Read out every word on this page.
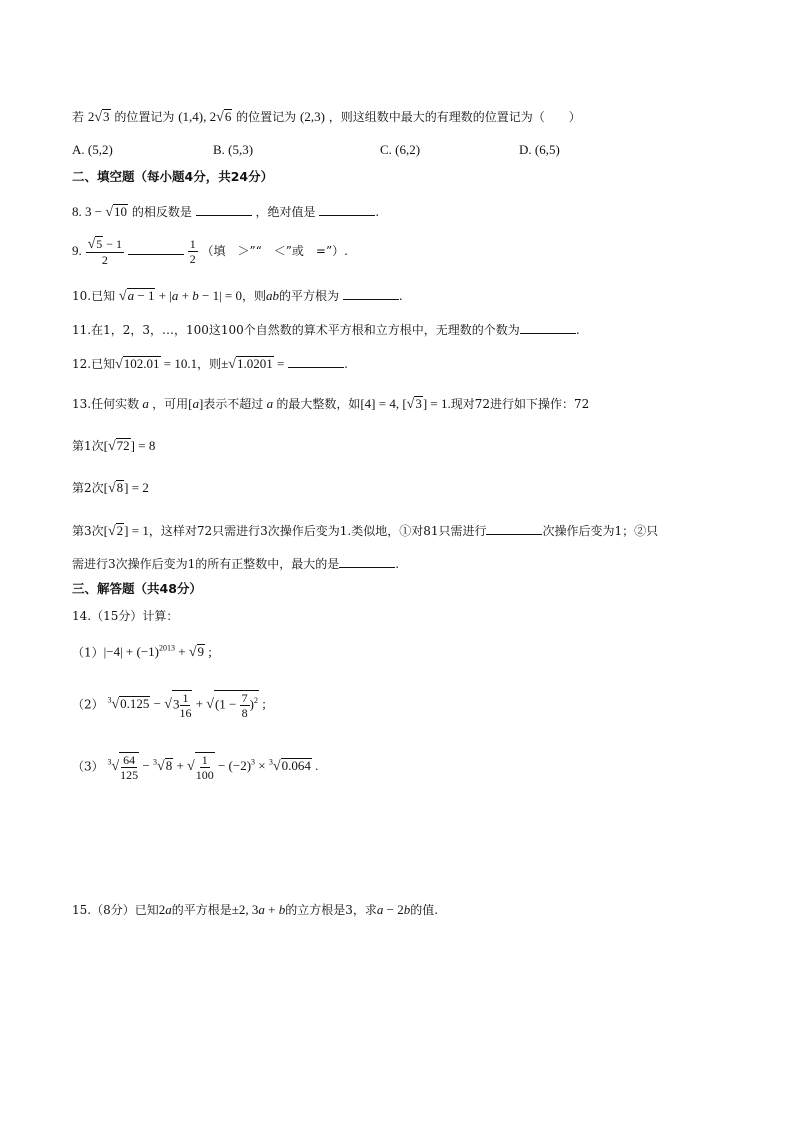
若 2√3 的位置记为 (1,4), 2√6 的位置记为 (2,3) ，则这组数中最大的有理数的位置记为（　　）
A. (5,2)	B. (5,3)	C. (6,2)	D. (6,5)
二、填空题（每小题4分，共24分）
8. 3 − √10 的相反数是	，绝对值是	.
9. $\frac{√5 - 1}{2}$
	$\frac{1}{2}$ （填　＞”“　＜”或　=”）.
10.已知 √a − 1 + |a + b − 1| = 0，则ab的平方根为	.
11.在1，2，3，…，100这100个自然数的算术平方根和立方根中，无理数的个数为	.
12.已知√102.01 = 10.1，则±√1.0201 =	.
13.任何实数 a ，可用[a]表示不超过 a 的最大整数，如[4] = 4, [√3] = 1.现对72进行如下操作：72
第1次[√72] = 8
第2次[√8] = 2
第3次[√2] = 1，这样对72只需进行3次操作后变为1.类似地，①对81只需进行	次操作后变为1；②只
需进行3次操作后变为1的所有正整数中，最大的是	.
三、解答题（共48分）
14.（15分）计算：
$(1)|-4| + (-1)^{2013} + √9$ ;
（2） $^3√0.125 - √3 \frac{1}{16} + √(1 - \frac{7}{8} )^2$ ;
（3） $^3√ \frac{64}{125} - ^3√8$ + √ $\frac{1}{100} - (-2)^3 \times ^3√0.064$ .
15.（8分）已知2a的平方根是±2, 3a + b的立方根是3，求a − 2b的值.
